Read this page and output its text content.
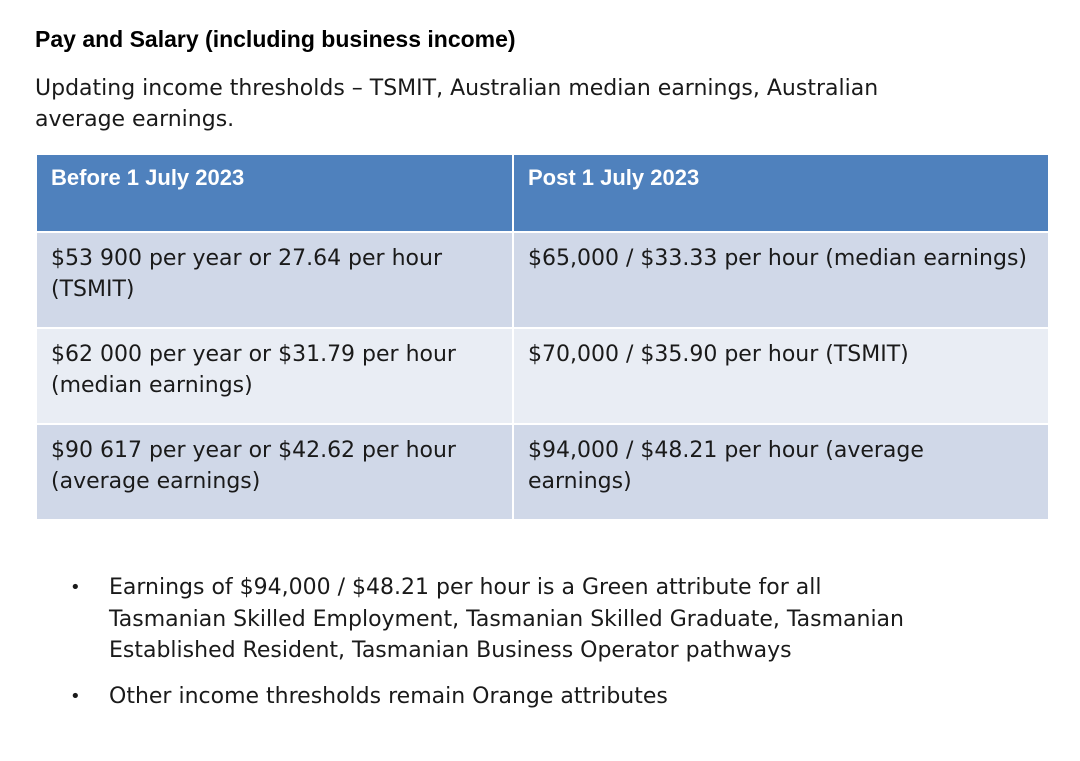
Pay and Salary (including business income)
Updating income thresholds – TSMIT, Australian median earnings, Australian average earnings.
Before 1 July 2023	Post 1 July 2023
$53 900 per year or 27.64 per hour (TSMIT)	$65,000 / $33.33 per hour (median earnings)
$62 000 per year or $31.79 per hour (median earnings)	$70,000 / $35.90 per hour (TSMIT)
$90 617 per year or $42.62 per hour (average earnings)	$94,000 / $48.21 per hour (average earnings)
• Earnings of $94,000 / $48.21 per hour is a Green attribute for all Tasmanian Skilled Employment, Tasmanian Skilled Graduate, Tasmanian Established Resident, Tasmanian Business Operator pathways
• Other income thresholds remain Orange attributes
